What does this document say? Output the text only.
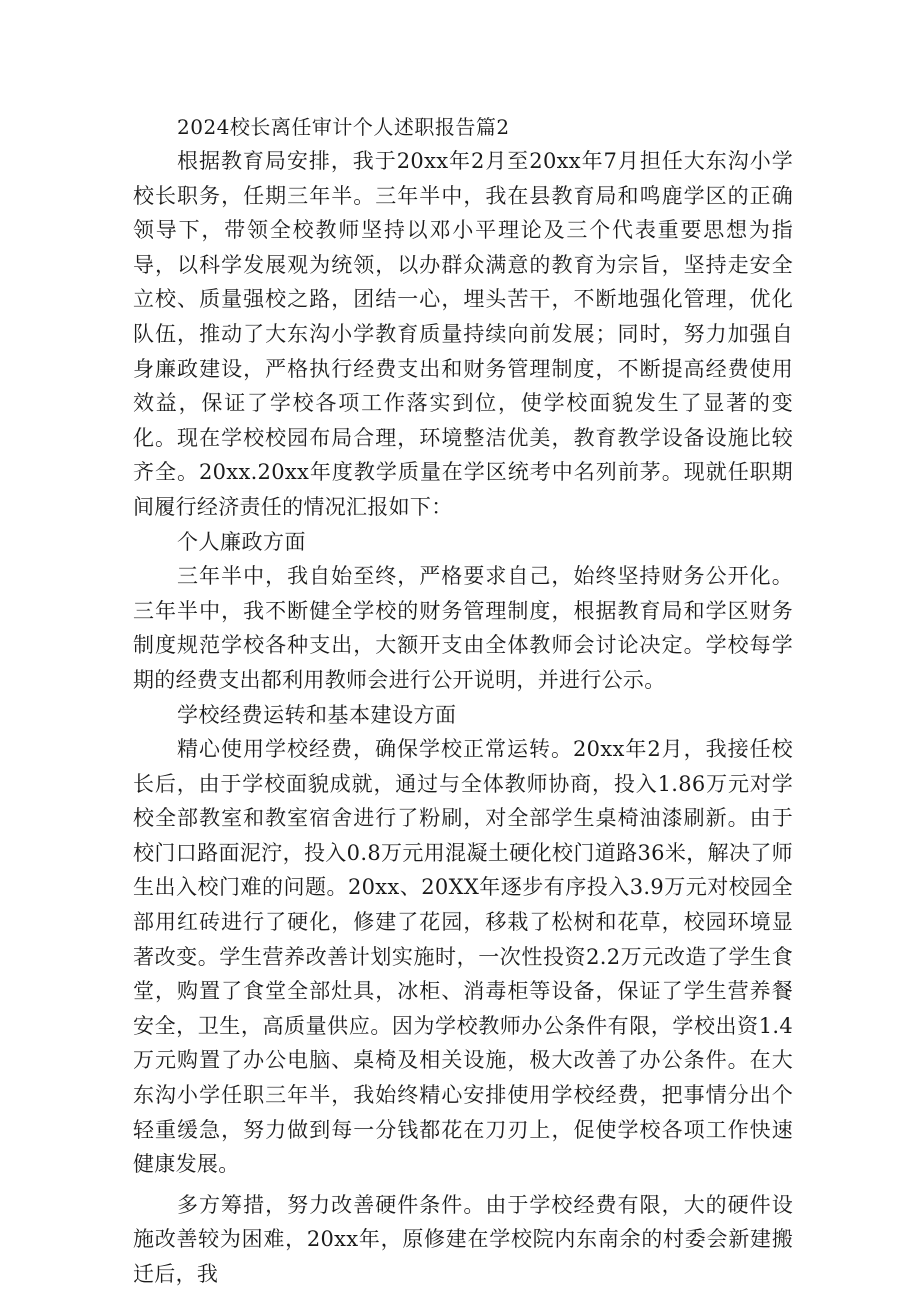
2024校长离任审计个人述职报告篇2

根据教育局安排，我于20xx年2月至20xx年7月担任大东沟小学校长职务，任期三年半。三年半中，我在县教育局和鸣鹿学区的正确领导下，带领全校教师坚持以邓小平理论及三个代表重要思想为指导，以科学发展观为统领，以办群众满意的教育为宗旨，坚持走安全立校、质量强校之路，团结一心，埋头苦干，不断地强化管理，优化队伍，推动了大东沟小学教育质量持续向前发展；同时，努力加强自身廉政建设，严格执行经费支出和财务管理制度，不断提高经费使用效益，保证了学校各项工作落实到位，使学校面貌发生了显著的变化。现在学校校园布局合理，环境整洁优美，教育教学设备设施比较齐全。20xx.20xx年度教学质量在学区统考中名列前茅。现就任职期间履行经济责任的情况汇报如下：

个人廉政方面

三年半中，我自始至终，严格要求自己，始终坚持财务公开化。三年半中，我不断健全学校的财务管理制度，根据教育局和学区财务制度规范学校各种支出，大额开支由全体教师会讨论决定。学校每学期的经费支出都利用教师会进行公开说明，并进行公示。

学校经费运转和基本建设方面

精心使用学校经费，确保学校正常运转。20xx年2月，我接任校长后，由于学校面貌成就，通过与全体教师协商，投入1.86万元对学校全部教室和教室宿舍进行了粉刷，对全部学生桌椅油漆刷新。由于校门口路面泥泞，投入0.8万元用混凝土硬化校门道路36米，解决了师生出入校门难的问题。20xx、20XX年逐步有序投入3.9万元对校园全部用红砖进行了硬化，修建了花园，移栽了松树和花草，校园环境显著改变。学生营养改善计划实施时，一次性投资2.2万元改造了学生食堂，购置了食堂全部灶具，冰柜、消毒柜等设备，保证了学生营养餐安全，卫生，高质量供应。因为学校教师办公条件有限，学校出资1.4万元购置了办公电脑、桌椅及相关设施，极大改善了办公条件。在大东沟小学任职三年半，我始终精心安排使用学校经费，把事情分出个轻重缓急，努力做到每一分钱都花在刀刃上，促使学校各项工作快速健康发展。

多方筹措，努力改善硬件条件。由于学校经费有限，大的硬件设施改善较为困难，20xx年，原修建在学校院内东南余的村委会新建搬迁后，我
